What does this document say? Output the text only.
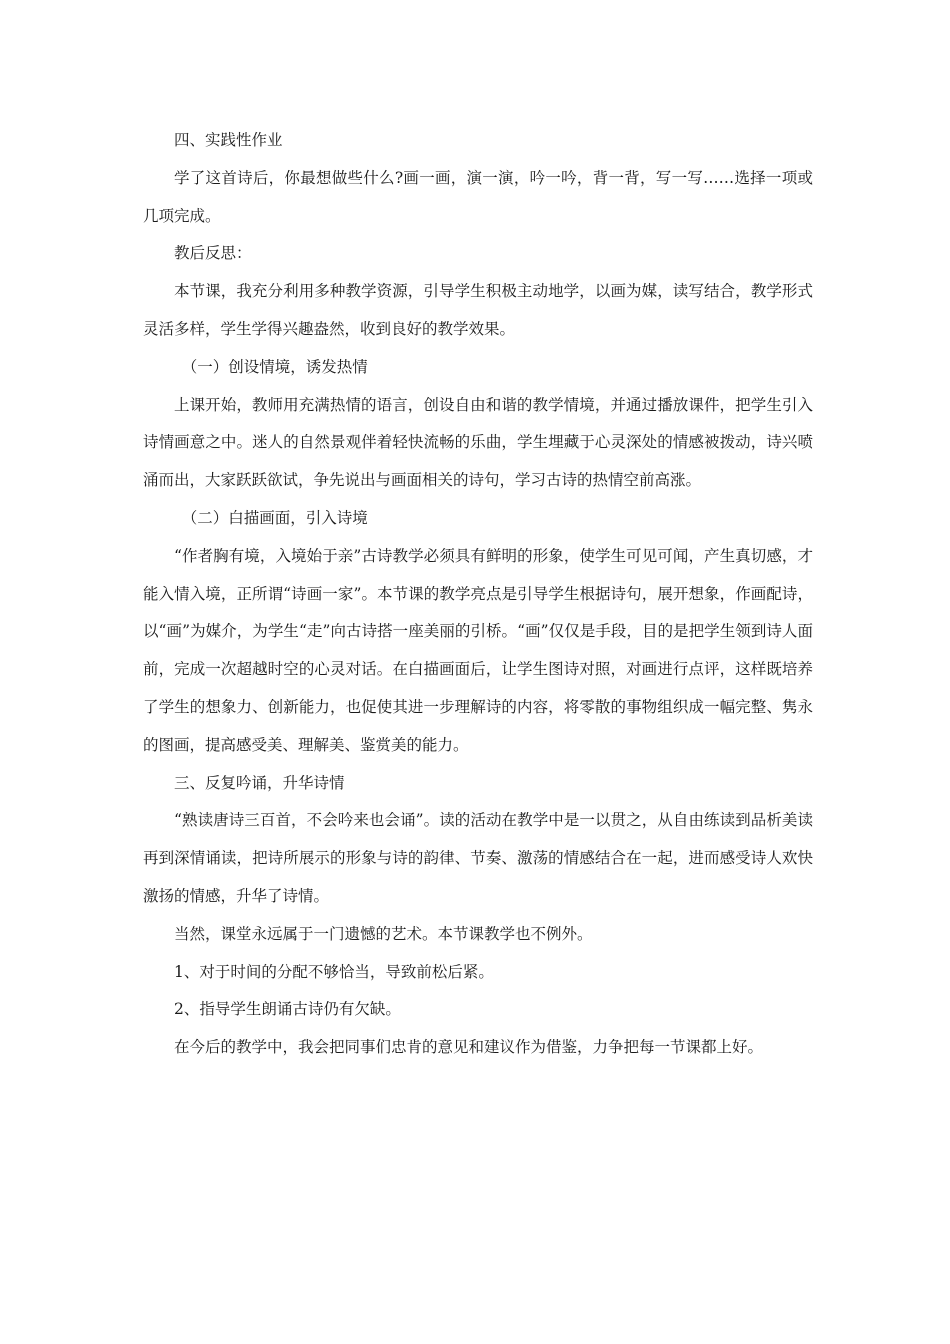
四、实践性作业

学了这首诗后，你最想做些什么?画一画，演一演，吟一吟，背一背，写一写……选择一项或几项完成。

教后反思：

本节课，我充分利用多种教学资源，引导学生积极主动地学，以画为媒，读写结合，教学形式灵活多样，学生学得兴趣盎然，收到良好的教学效果。

（一）创设情境，诱发热情

上课开始，教师用充满热情的语言，创设自由和谐的教学情境，并通过播放课件，把学生引入诗情画意之中。迷人的自然景观伴着轻快流畅的乐曲，学生埋藏于心灵深处的情感被拨动，诗兴喷涌而出，大家跃跃欲试，争先说出与画面相关的诗句，学习古诗的热情空前高涨。

（二）白描画面，引入诗境

“作者胸有境，入境始于亲”古诗教学必须具有鲜明的形象，使学生可见可闻，产生真切感，才能入情入境，正所谓“诗画一家”。本节课的教学亮点是引导学生根据诗句，展开想象，作画配诗，以“画”为媒介，为学生“走”向古诗搭一座美丽的引桥。“画”仅仅是手段，目的是把学生领到诗人面前，完成一次超越时空的心灵对话。在白描画面后，让学生图诗对照，对画进行点评，这样既培养了学生的想象力、创新能力，也促使其进一步理解诗的内容，将零散的事物组织成一幅完整、隽永的图画，提高感受美、理解美、鉴赏美的能力。

三、反复吟诵，升华诗情

“熟读唐诗三百首，不会吟来也会诵”。读的活动在教学中是一以贯之，从自由练读到品析美读再到深情诵读，把诗所展示的形象与诗的韵律、节奏、激荡的情感结合在一起，进而感受诗人欢快激扬的情感，升华了诗情。

当然，课堂永远属于一门遗憾的艺术。本节课教学也不例外。

1、对于时间的分配不够恰当，导致前松后紧。

2、指导学生朗诵古诗仍有欠缺。

在今后的教学中，我会把同事们忠肯的意见和建议作为借鉴，力争把每一节课都上好。
